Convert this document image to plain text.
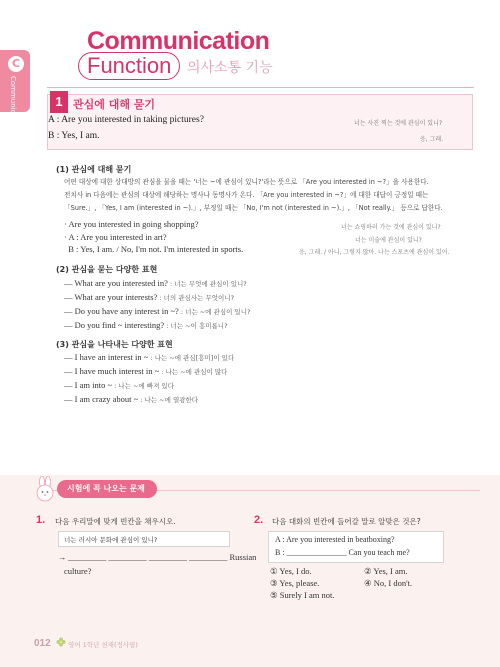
C
Communication
Communication
Function 의사소통 기능
1 관심에 대해 묻기
A : Are you interested in taking pictures?	너는 사진 찍는 것에 관심이 있니?
B : Yes, I am.	응, 그래.
(1) 관심에 대해 묻기
어떤 대상에 대한 상대방의 관심을 물을 때는 '너는 ~에 관심이 있니?'라는 뜻으로 「Are you interested in ~?」을 사용한다.
전치사 in 다음에는 관심의 대상에 해당하는 명사나 동명사가 온다. 「Are you interested in ~?」에 대한 대답이 긍정일 때는
「Sure.」, 「Yes, I am (interested in ~).」, 부정일 때는 「No, I'm not (interested in ~).」, 「Not really.」 등으로 답한다.
· Are you interested in going shopping?	너는 쇼핑하러 가는 것에 관심이 있니?
· A : Are you interested in art?	너는 미술에 관심이 있니?
B : Yes, I am. / No, I'm not. I'm interested in sports.	응, 그래. / 아니, 그렇지 않아. 나는 스포츠에 관심이 있어.
(2) 관심을 묻는 다양한 표현
— What are you interested in? : 너는 무엇에 관심이 있니?
— What are your interests? : 너의 관심사는 무엇이니?
— Do you have any interest in ~? : 너는 ~에 관심이 있니?
— Do you find ~ interesting? : 너는 ~이 흥미롭니?
(3) 관심을 나타내는 다양한 표현
— I have an interest in ~ : 나는 ~에 관심[흥미]이 있다
— I have much interest in ~ : 나는 ~에 관심이 많다
— I am into ~ : 나는 ~에 빠져 있다
— I am crazy about ~ : 나는 ~에 열광한다
시험에 꼭 나오는 문제
1. 다음 우리말에 맞게 빈칸을 채우시오.
너는 러시아 문화에 관심이 있니?
→ _________ _________ _________ _________ Russian
culture?
2. 다음 대화의 빈칸에 들어갈 말로 알맞은 것은?
A : Are you interested in beatboxing?
B : _______________ Can you teach me?
① Yes, I do.	② Yes, I am.
③ Yes, please.	④ No, I don't.
⑤ Surely I am not.
012	영어 1학년 천재(정사열)
